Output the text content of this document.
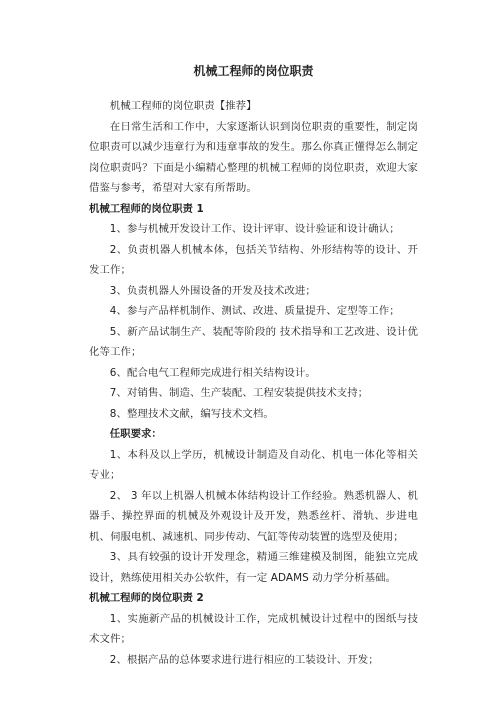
机械工程师的岗位职责

机械工程师的岗位职责【推荐】

在日常生活和工作中，大家逐渐认识到岗位职责的重要性，制定岗位职责可以减少违章行为和违章事故的发生。那么你真正懂得怎么制定岗位职责吗？下面是小编精心整理的机械工程师的岗位职责，欢迎大家借鉴与参考，希望对大家有所帮助。

机械工程师的岗位职责 1

1、参与机械开发设计工作、设计评审、设计验证和设计确认；

2、负责机器人机械本体，包括关节结构、外形结构等的设计、开发工作；

3、负责机器人外围设备的开发及技术改进；

4、参与产品样机制作、测试、改进、质量提升、定型等工作；

5、新产品试制生产、装配等阶段的 技术指导和工艺改进、设计优化等工作；

6、配合电气工程师完成进行相关结构设计。

7、对销售、制造、生产装配、工程安装提供技术支持；

8、整理技术文献，编写技术文档。

任职要求：

1、本科及以上学历，机械设计制造及自动化、机电一体化等相关专业；

2、 3 年以上机器人机械本体结构设计工作经验。熟悉机器人、机器手、操控界面的机械及外观设计及开发，熟悉丝杆、滑轨、步进电机、伺服电机、减速机、同步传动、气缸等传动装置的选型及使用；

3、具有较强的设计开发理念，精通三维建模及制图，能独立完成设计，熟练使用相关办公软件，有一定 ADAMS 动力学分析基础。

机械工程师的岗位职责 2

1、实施新产品的机械设计工作，完成机械设计过程中的图纸与技术文件；

2、根据产品的总体要求进行进行相应的工装设计、开发；
